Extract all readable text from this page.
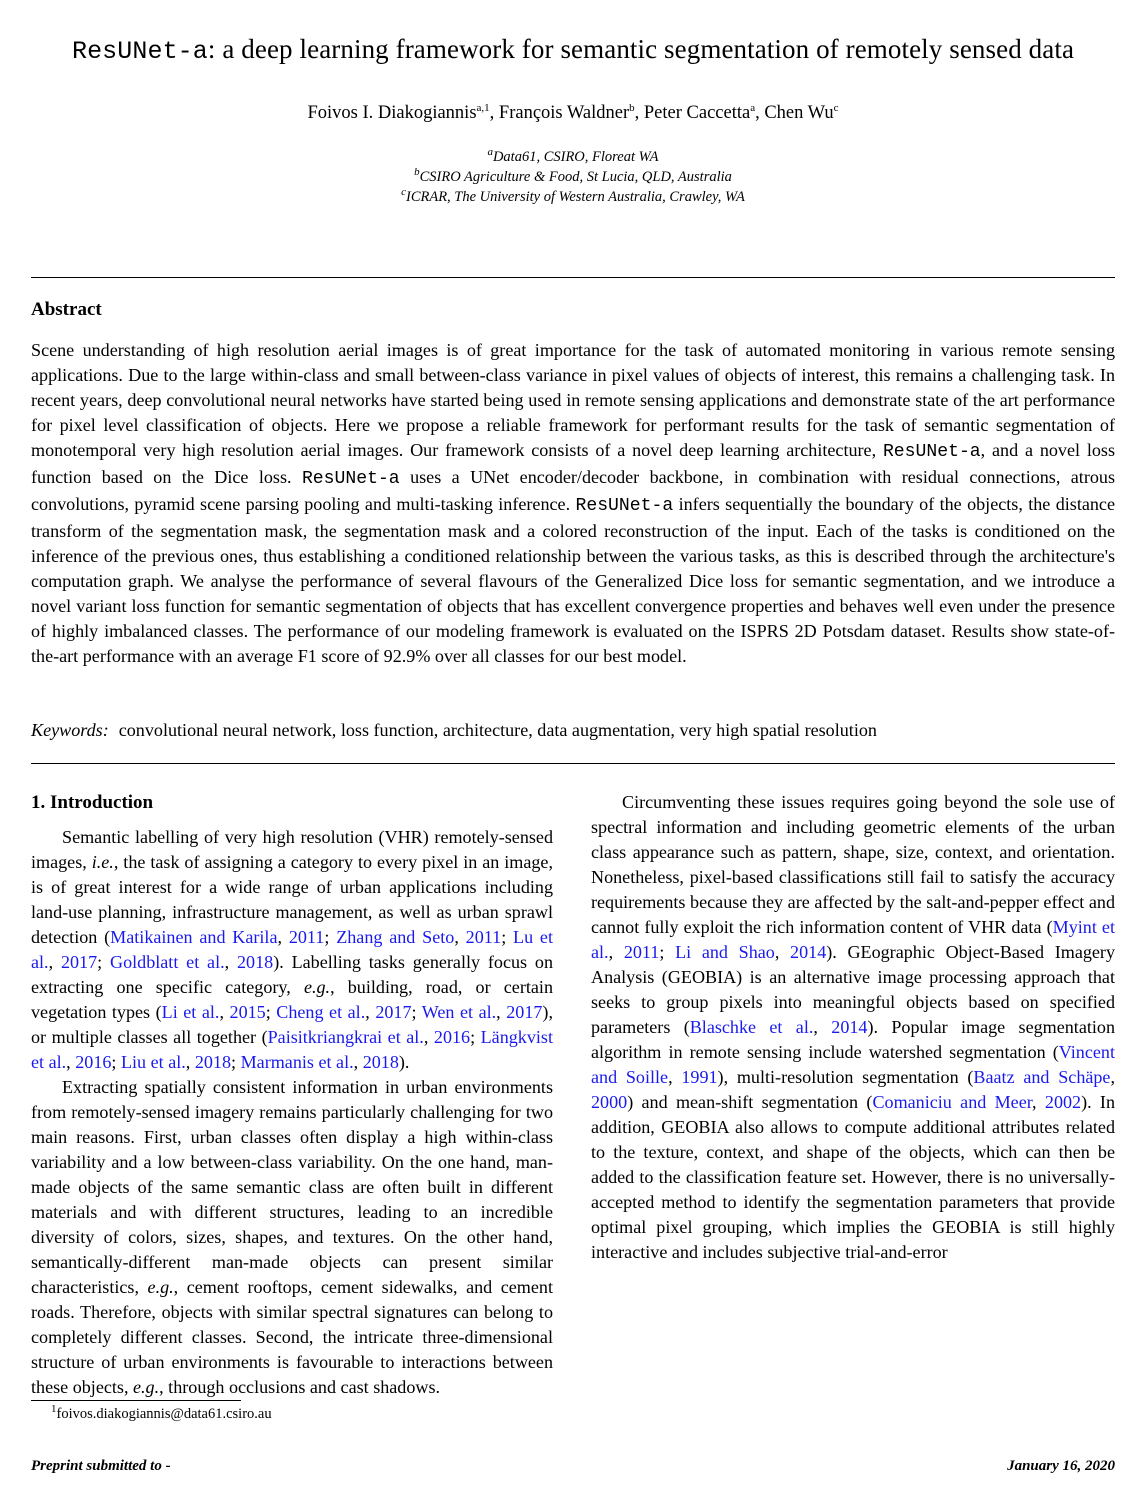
ResUNet-a: a deep learning framework for semantic segmentation of remotely sensed data
Foivos I. Diakogiannis$^{a,1}$, François Waldner$^b$, Peter Caccetta$^a$, Chen Wu$^c$
$^a$Data61, CSIRO, Floreat WA
$^b$CSIRO Agriculture & Food, St Lucia, QLD, Australia
$^c$ICRAR, The University of Western Australia, Crawley, WA
Abstract

Scene understanding of high resolution aerial images is of great importance for the task of automated monitoring in various remote sensing applications. Due to the large within-class and small between-class variance in pixel values of objects of interest, this remains a challenging task. In recent years, deep convolutional neural networks have started being used in remote sensing applications and demonstrate state of the art performance for pixel level classification of objects. Here we propose a reliable framework for performant results for the task of semantic segmentation of monotemporal very high resolution aerial images. Our framework consists of a novel deep learning architecture, ResUNet-a, and a novel loss function based on the Dice loss. ResUNet-a uses a UNet encoder/decoder backbone, in combination with residual connections, atrous convolutions, pyramid scene parsing pooling and multi-tasking inference. ResUNet-a infers sequentially the boundary of the objects, the distance transform of the segmentation mask, the segmentation mask and a colored reconstruction of the input. Each of the tasks is conditioned on the inference of the previous ones, thus establishing a conditioned relationship between the various tasks, as this is described through the architecture's computation graph. We analyse the performance of several flavours of the Generalized Dice loss for semantic segmentation, and we introduce a novel variant loss function for semantic segmentation of objects that has excellent convergence properties and behaves well even under the presence of highly imbalanced classes. The performance of our modeling framework is evaluated on the ISPRS 2D Potsdam dataset. Results show state-of-the-art performance with an average F1 score of 92.9% over all classes for our best model.

Keywords: convolutional neural network, loss function, architecture, data augmentation, very high spatial resolution
1. Introduction

Semantic labelling of very high resolution (VHR) remotely-sensed images, i.e., the task of assigning a category to every pixel in an image, is of great interest for a wide range of urban applications including land-use planning, infrastructure management, as well as urban sprawl detection (Matikainen and Karila, 2011; Zhang and Seto, 2011; Lu et al., 2017; Goldblatt et al., 2018). Labelling tasks generally focus on extracting one specific category, e.g., building, road, or certain vegetation types (Li et al., 2015; Cheng et al., 2017; Wen et al., 2017), or multiple classes all together (Paisitkriangkrai et al., 2016; Längkvist et al., 2016; Liu et al., 2018; Marmanis et al., 2018).

Extracting spatially consistent information in urban environments from remotely-sensed imagery remains particularly challenging for two main reasons. First, urban classes often display a high within-class variability and a low between-class variability. On the one hand, man-made objects of the same semantic class are often built in different materials and with different structures, leading to an incredible diversity of colors, sizes, shapes, and textures. On the other hand, semantically-different man-made objects can present similar characteristics, e.g., cement rooftops, cement sidewalks, and cement roads. Therefore, objects with similar spectral signatures can belong to completely different classes. Second, the intricate three-dimensional structure of urban environments is favourable to interactions between these objects, e.g., through occlusions and cast shadows.

Circumventing these issues requires going beyond the sole use of spectral information and including geometric elements of the urban class appearance such as pattern, shape, size, context, and orientation. Nonetheless, pixel-based classifications still fail to satisfy the accuracy requirements because they are affected by the salt-and-pepper effect and cannot fully exploit the rich information content of VHR data (Myint et al., 2011; Li and Shao, 2014). GEographic Object-Based Imagery Analysis (GEOBIA) is an alternative image processing approach that seeks to group pixels into meaningful objects based on specified parameters (Blaschke et al., 2014). Popular image segmentation algorithm in remote sensing include watershed segmentation (Vincent and Soille, 1991), multi-resolution segmentation (Baatz and Schäpe, 2000) and mean-shift segmentation (Comaniciu and Meer, 2002). In addition, GEOBIA also allows to compute additional attributes related to the texture, context, and shape of the objects, which can then be added to the classification feature set. However, there is no universally-accepted method to identify the segmentation parameters that provide optimal pixel grouping, which implies the GEOBIA is still highly interactive and includes subjective trial-and-error

$^1$foivos.diakogiannis@data61.csiro.au
Preprint submitted to -	January 16, 2020
